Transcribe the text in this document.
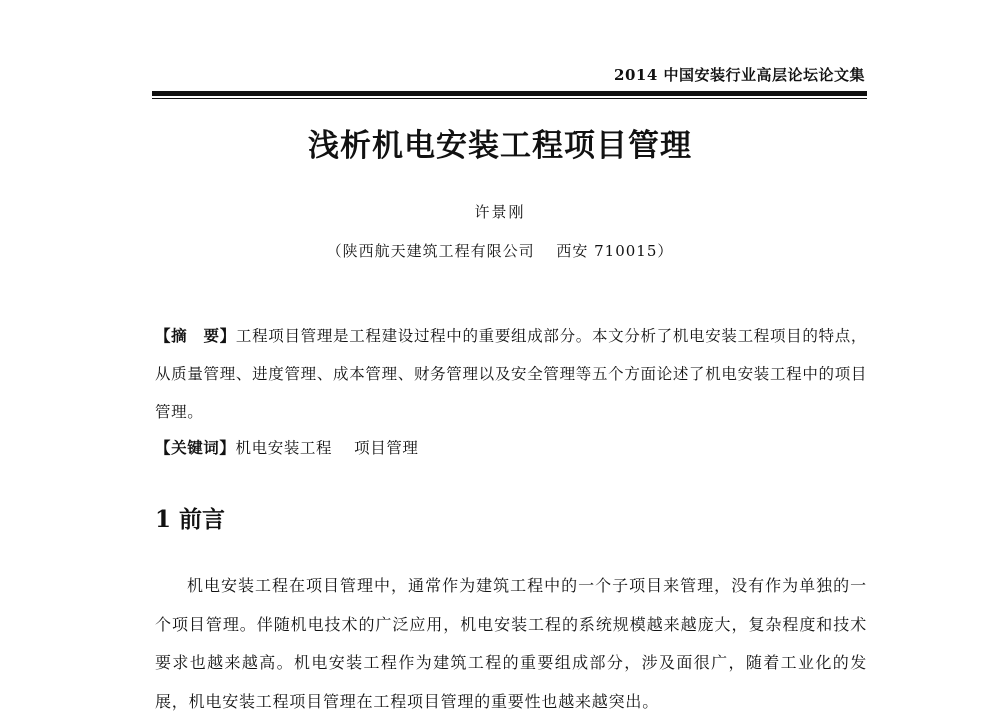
2014 中国安装行业高层论坛论文集
浅析机电安装工程项目管理
许景刚
（陕西航天建筑工程有限公司　 西安 710015）
【摘　要】工程项目管理是工程建设过程中的重要组成部分。本文分析了机电安装工程项目的特点，从质量管理、进度管理、成本管理、财务管理以及安全管理等五个方面论述了机电安装工程中的项目管理。
【关键词】机电安装工程 项目管理
1 前言
机电安装工程在项目管理中，通常作为建筑工程中的一个子项目来管理，没有作为单独的一个项目管理。伴随机电技术的广泛应用，机电安装工程的系统规模越来越庞大，复杂程度和技术要求也越来越高。机电安装工程作为建筑工程的重要组成部分，涉及面很广，随着工业化的发展，机电安装工程项目管理在工程项目管理的重要性也越来越突出。
